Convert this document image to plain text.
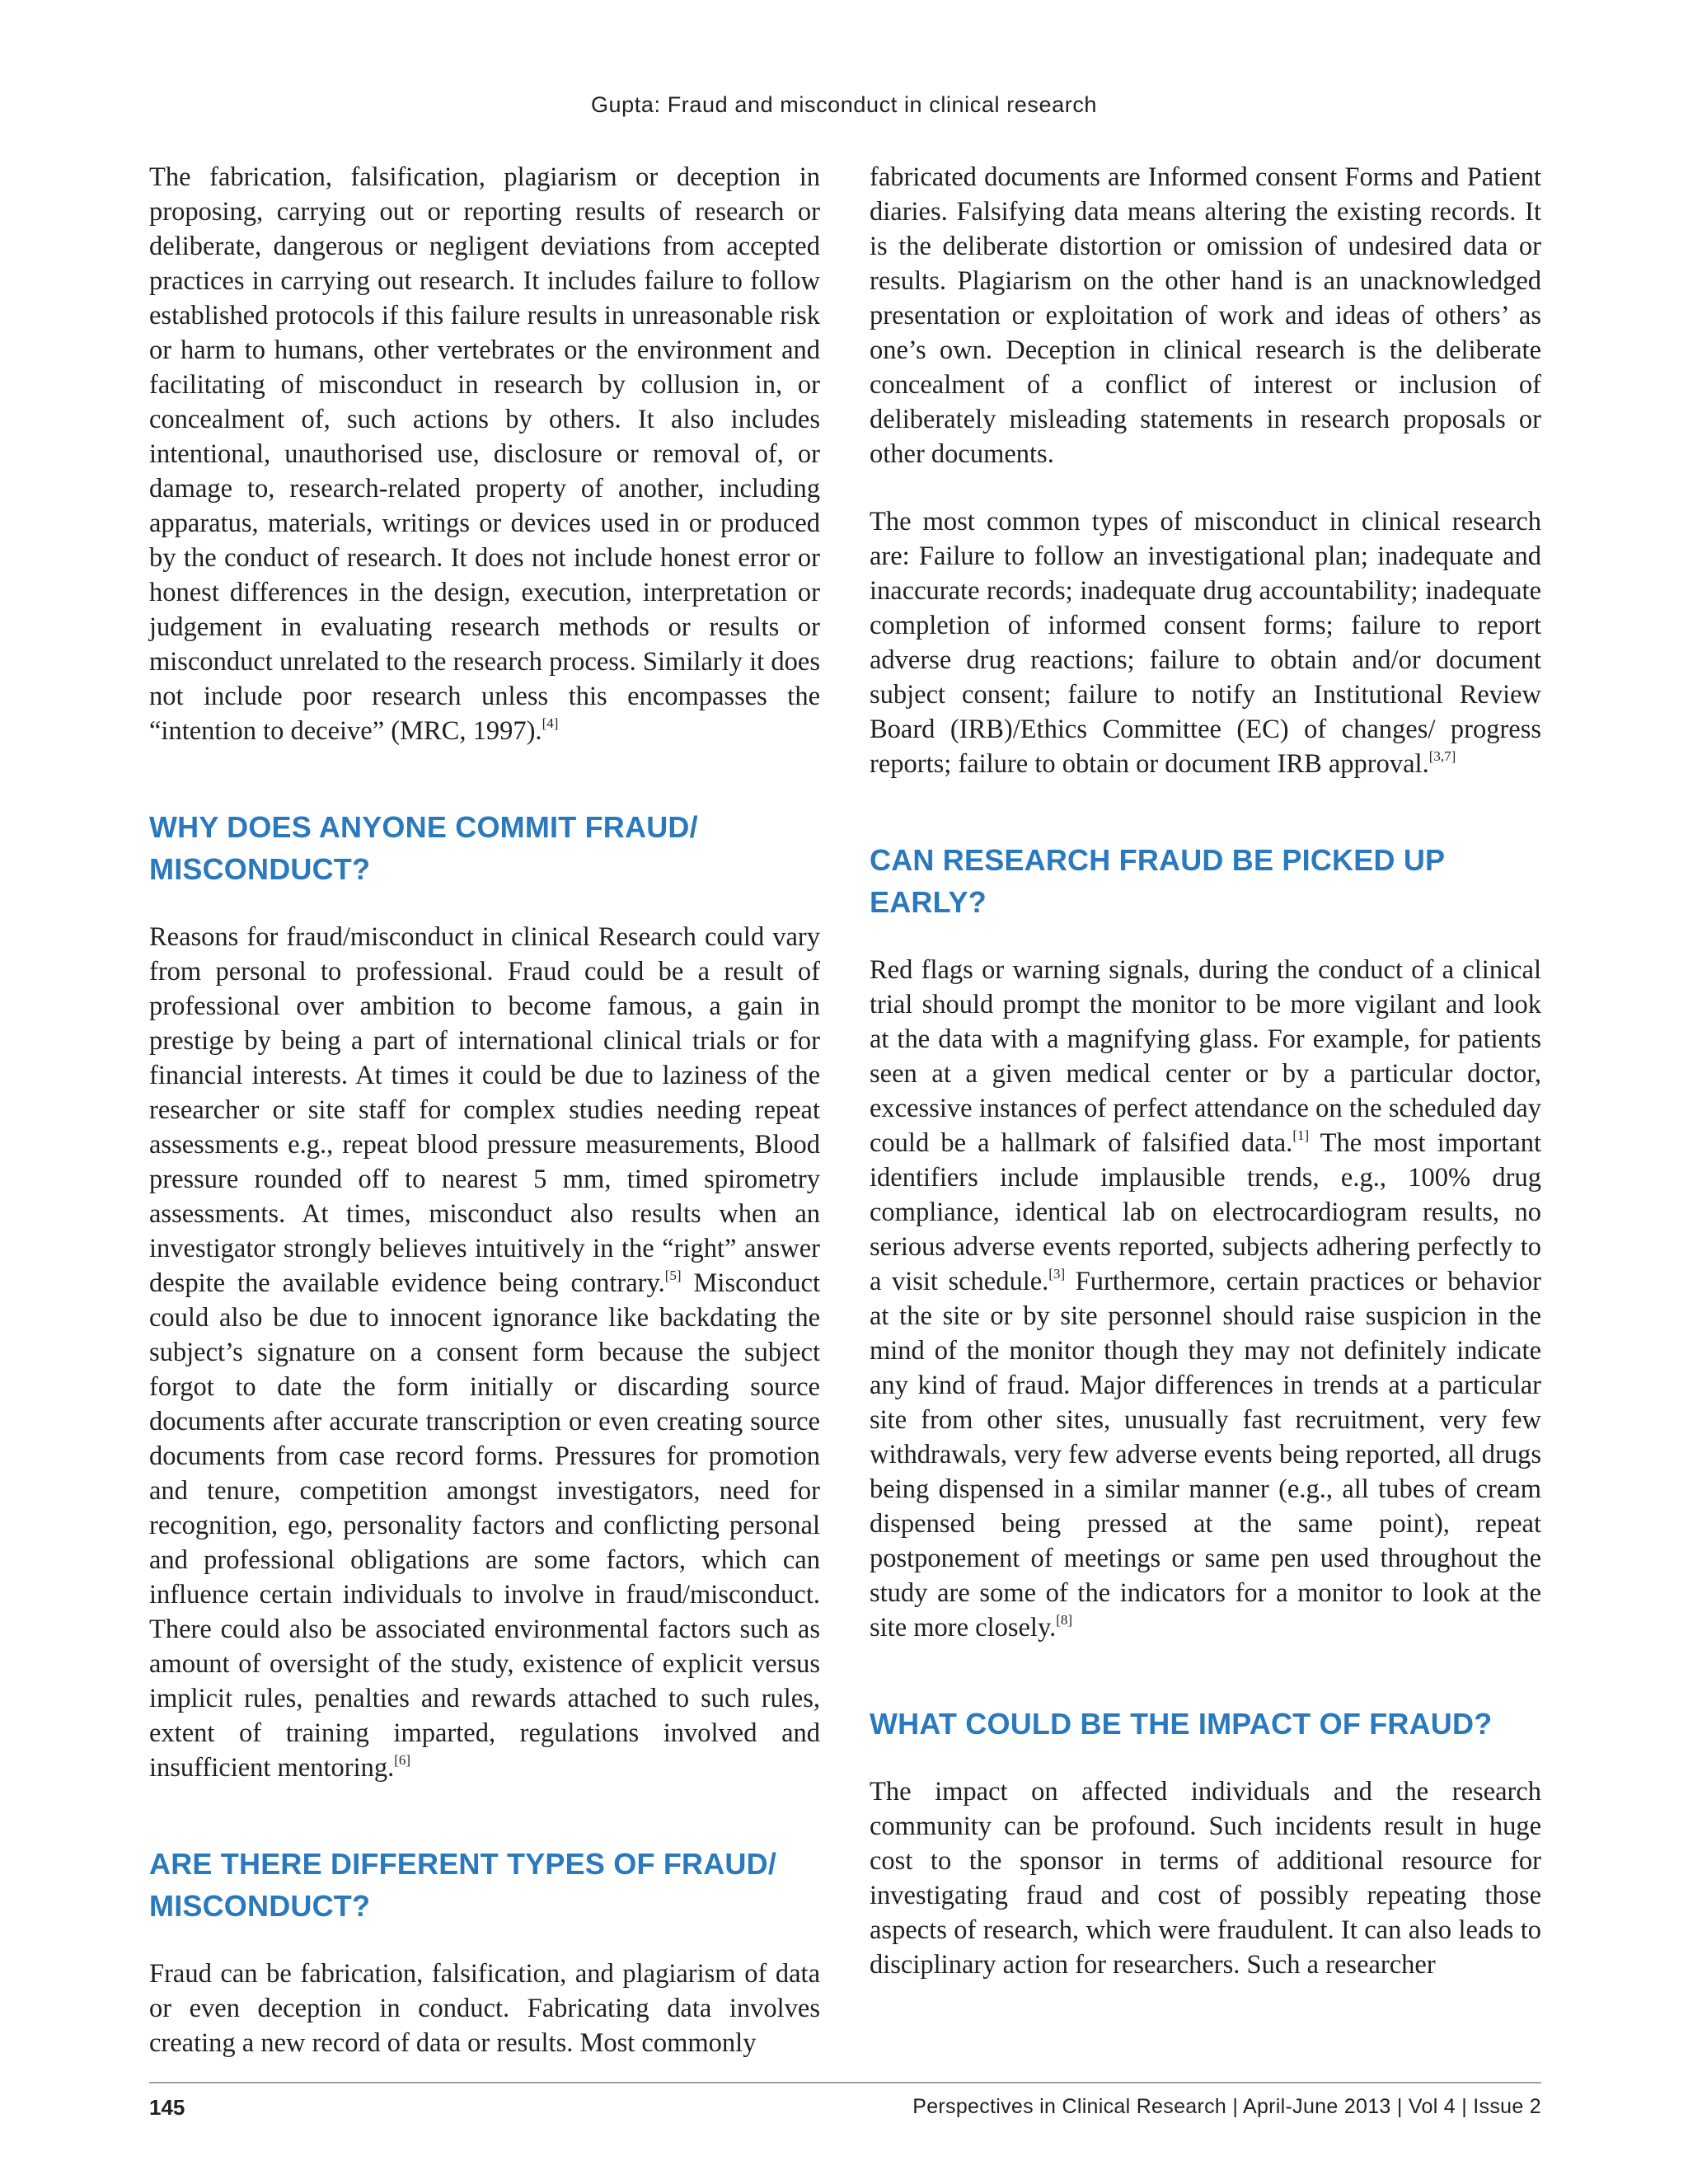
Gupta: Fraud and misconduct in clinical research

The fabrication, falsification, plagiarism or deception in proposing, carrying out or reporting results of research or deliberate, dangerous or negligent deviations from accepted practices in carrying out research. It includes failure to follow established protocols if this failure results in unreasonable risk or harm to humans, other vertebrates or the environment and facilitating of misconduct in research by collusion in, or concealment of, such actions by others. It also includes intentional, unauthorised use, disclosure or removal of, or damage to, research-related property of another, including apparatus, materials, writings or devices used in or produced by the conduct of research. It does not include honest error or honest differences in the design, execution, interpretation or judgement in evaluating research methods or results or misconduct unrelated to the research process. Similarly it does not include poor research unless this encompasses the “intention to deceive” (MRC, 1997).[4]

WHY DOES ANYONE COMMIT FRAUD/ MISCONDUCT?

Reasons for fraud/misconduct in clinical Research could vary from personal to professional. Fraud could be a result of professional over ambition to become famous, a gain in prestige by being a part of international clinical trials or for financial interests. At times it could be due to laziness of the researcher or site staff for complex studies needing repeat assessments e.g., repeat blood pressure measurements, Blood pressure rounded off to nearest 5 mm, timed spirometry assessments. At times, misconduct also results when an investigator strongly believes intuitively in the “right” answer despite the available evidence being contrary.[5] Misconduct could also be due to innocent ignorance like backdating the subject’s signature on a consent form because the subject forgot to date the form initially or discarding source documents after accurate transcription or even creating source documents from case record forms. Pressures for promotion and tenure, competition amongst investigators, need for recognition, ego, personality factors and conflicting personal and professional obligations are some factors, which can influence certain individuals to involve in fraud/misconduct. There could also be associated environmental factors such as amount of oversight of the study, existence of explicit versus implicit rules, penalties and rewards attached to such rules, extent of training imparted, regulations involved and insufficient mentoring.[6]

ARE THERE DIFFERENT TYPES OF FRAUD/ MISCONDUCT?

Fraud can be fabrication, falsification, and plagiarism of data or even deception in conduct. Fabricating data involves creating a new record of data or results. Most commonly

fabricated documents are Informed consent Forms and Patient diaries. Falsifying data means altering the existing records. It is the deliberate distortion or omission of undesired data or results. Plagiarism on the other hand is an unacknowledged presentation or exploitation of work and ideas of others’ as one’s own. Deception in clinical research is the deliberate concealment of a conflict of interest or inclusion of deliberately misleading statements in research proposals or other documents.

The most common types of misconduct in clinical research are: Failure to follow an investigational plan; inadequate and inaccurate records; inadequate drug accountability; inadequate completion of informed consent forms; failure to report adverse drug reactions; failure to obtain and/or document subject consent; failure to notify an Institutional Review Board (IRB)/Ethics Committee (EC) of changes/ progress reports; failure to obtain or document IRB approval.[3,7]

CAN RESEARCH FRAUD BE PICKED UP EARLY?

Red flags or warning signals, during the conduct of a clinical trial should prompt the monitor to be more vigilant and look at the data with a magnifying glass. For example, for patients seen at a given medical center or by a particular doctor, excessive instances of perfect attendance on the scheduled day could be a hallmark of falsified data.[1] The most important identifiers include implausible trends, e.g., 100% drug compliance, identical lab on electrocardiogram results, no serious adverse events reported, subjects adhering perfectly to a visit schedule.[3] Furthermore, certain practices or behavior at the site or by site personnel should raise suspicion in the mind of the monitor though they may not definitely indicate any kind of fraud. Major differences in trends at a particular site from other sites, unusually fast recruitment, very few withdrawals, very few adverse events being reported, all drugs being dispensed in a similar manner (e.g., all tubes of cream dispensed being pressed at the same point), repeat postponement of meetings or same pen used throughout the study are some of the indicators for a monitor to look at the site more closely.[8]

WHAT COULD BE THE IMPACT OF FRAUD?

The impact on affected individuals and the research community can be profound. Such incidents result in huge cost to the sponsor in terms of additional resource for investigating fraud and cost of possibly repeating those aspects of research, which were fraudulent. It can also leads to disciplinary action for researchers. Such a researcher

145	Perspectives in Clinical Research | April-June 2013 | Vol 4 | Issue 2
